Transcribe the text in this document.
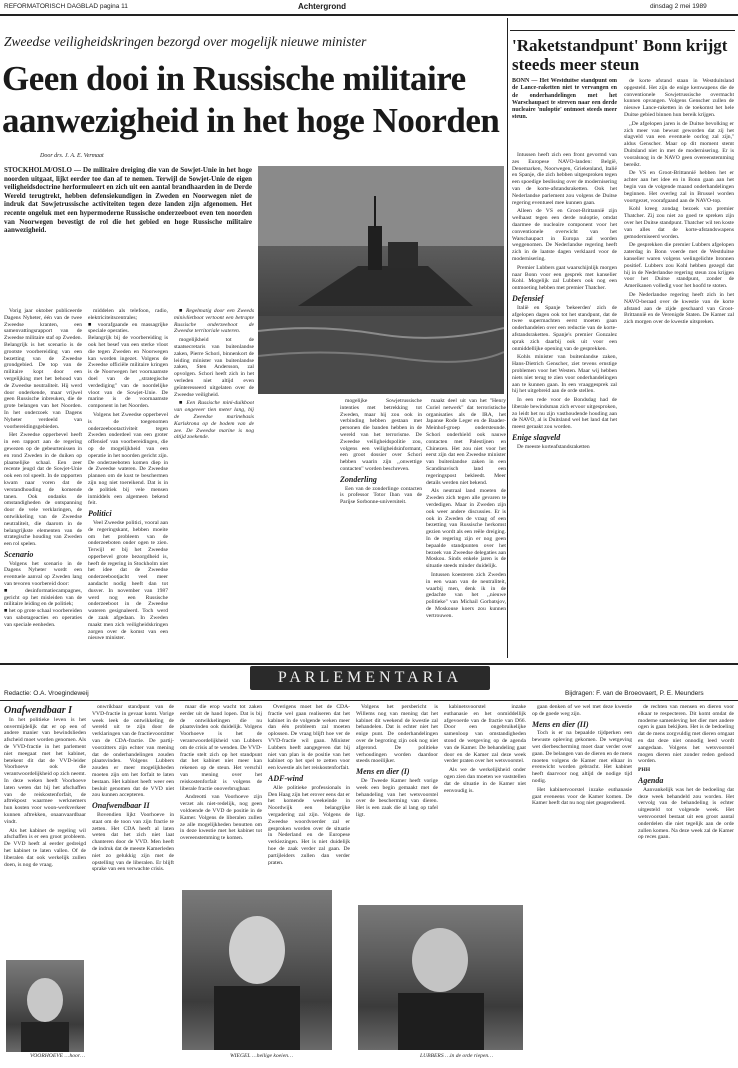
REFORMATORISCH DAGBLAD pagina 11	Achtergrond	dinsdag 2 mei 1989
Zweedse veiligheidskringen bezorgd over mogelijk nieuwe minister
Geen dooi in Russische militaire
aanwezigheid in het hoge Noorden
Door drs. J. A. E. Vermaat
STOCKHOLM/OSLO — De militaire dreiging die van de Sowjet-Unie in het hoge noorden uitgaat, lijkt eerder toe dan af te nemen. Terwijl de Sowjet-Unie de eigen veiligheidsdoctrine herformuleert en zich uit een aantal brandhaarden in de Derde Wereld terugtrekt, hebben defensiekundigen in Zweden en Noorwegen niet de indruk dat Sowjetrussische activiteiten tegen deze landen zijn afgenomen. Het recente ongeluk met een hypermoderne Russische onderzeeboot even ten noorden van Noorwegen bevestigt de rol die het gebied en hoge Russische militaire aanwezigheid.

Vorig jaar oktober publiceerde Dagens Nyheter, één van de twee Zweedse kranten, een samenvattingsrapport van de Zweedse militaire staf op Zweden. Belangrijk is het scenario is de grootste voorbereiding van een bezetting van de Zweedse grondgebied. De top van de militaire kopt door een vergelijking met het behoud van de Zweedse neutraliteit. Hij werd door onderkende, maar vrijwel geen Russische inbreuken, die de grote belangen van het Noorden. In het onderzoek van Dagens Nyheter verdeeld van voorbereidingsgebieden.

Het Zweedse opperbevel heeft in een rapport aan de regering gewezen op de gebeurtenissen in en rond Zweden in de duiken op plaatselijke schaal. Een zeer recente jeugd dat de Sowjet-Unie ook een rol speelt. In de rapporten kwam naar voren dat de verstandhouding de komende tanen. Ook ondanks de omstandigheden de ontspanning door de vele verklaringen, de ontwikkeling van de Zweedse neutraliteit, die daarom in de belangrijkste elementen van de strategische houding van Zweden een rol spelen.

Scenario

Volgens het scenario in de Dagens Nyheter wordt een eventuele aanval op Zweden lang van tevoren voorbereid door:
■ desinformatiecampagnes, gericht op het misleiden van de militaire leiding en de politiek;
■ het op grote schaal voorbereiden van sabotageacties en operaties van speciale eenheden.

middelen als telefoon, radio, elektriciteitscentrales;
■ voorafgaande en massagrijke speciale operaties.
Belangrijk bij de voorbereiding is ook het besef van een sterke vloot die tegen Zweden en Noorwegen kan worden ingezet. Volgens de Zweedse officiële militaire kringen is de Noorwegen het voornaamste doel van de ,,strategische verdediging'' van de noordelijke vloot van de Sowjet-Unie. De marine is de voornaamste component in het Noorden.

Volgens het Zweedse opperbevel is de toegenomen onderzeebootactiviteit tegen Zweden onderdeel van een groter offensief van voorbereidingen, die op de mogelijkheid van een operatie in het noorden gericht zijn. De onderzeeboten komen diep in de Zweedse wateren. De Zweedse plannen om de kust te beschermen zijn nog niet toereikend. Dat is in de politiek bij vele mensen inmiddels een algemeen bekend feit.

Politici

Veel Zweedse politici, vooral aan de regeringskant, hebben moeite om het probleem van de onderzeeboten onder ogen te zien. Terwijl er bij het Zweedse opperbevel grote bezorgdheid is, heeft de regering in Stockholm niet het idee dat de Zweedse onderzeebootjacht veel meer aandacht nodig heeft dan tot dusver. In november van 1987 werd nog een Russische onderzeeboot in de Zweedse wateren gesignaleerd. Toch werd de zaak afgedaan. In Zweden maakt men zich veiligheidskringen zorgen over de komst van een nieuwe minister.

■ Regelmatig door een Zweeds minivlietboot vertoont een betrapte Russische onderzeeboot de Zweedse territoriale wateren.

mogelijkheid tot de staatsecretaris van buitenlandse zaken, Pierre Schori, binnenkort de leiding minister van buitenlandse zaken, Sten Andersson, zal opvolgen. Schori heeft zich in het verleden niet altijd even geïnteresseerd uitgelaten over de Zweedse veiligheid.

■ Een Russische mini-duikboot van ongeveer tien meter lang, bij de Zweedse marinebasis Karlskrona op de bodem van de zee. De Zweedse marine is nog altijd zoekende.

mogelijke Sowjetrussische intenties met betrekking tot Zweden, maar hij zou ook in verbinding hebben gestaan met personen die banden hebben in de wereld van het terrorisme. De Zweedse veiligheidspolitie zou, volgens een veiligheidsinformant, een groot dossier over Schori hebben waarin zijn ,,onwettige contacten'' worden beschreven.

Zonderling

Een van de zonderlinge contacten is professor Totor Iban van de Parijse Sorbonne-universiteit.

maakt deel uit van het "Henry Curiel netwerk" dat terroristische organisaties als de IRA, het Japanse Rode Leger en de Baader-Meinhof-groep ondersteunde. Schori onderhield ook nauwe contacten met Palestijnen en Chinezen. Het zou niet voor het eerst zijn dat een Zweedse minister van buitenlandse zaken in een Scandinavisch land een regeringspost bekleedt. Meer details werden niet bekend.

Als neutraal land moeten de Zweden zich tegen alle gevaren te verdedigen. Maar in Zweden zijn ook weer andere discussies. Er is ook in Zweden de vraag of een bezetting van Russische herkomst gezien wordt als een reële dreiging. In de regering zijn er nog geen bepaalde standpunten over het bezoek van Zweedse delegaties aan Moskou. Sinds enkele jaren is de situatie steeds minder duidelijk.

Intussen koesteren zich Zweden in een waan van de neutraliteit, waarbij men, denk ik in de gedachte van het ,,nieuwe politieke'' van Michail Gorbatsjov, de Moskouse koers zou kunnen vertrouwen.

'Raketstandpunt' Bonn krijgt steeds meer steun
BONN — Het Westduitse standpunt om de Lance-raketten niet te vervangen en de onderhandelingen met het Warschaupact te streven naar een derde nucleaire 'nuloptie' ontmoet steeds meer steun.

Intussen heeft zich een front gevormd van zes Europese NAVO-landen: België, Denemarken, Noorwegen, Griekenland, Italië en Spanje, die zich hebben uitgesproken tegen een spoedige beslissing over de modernisering van de korte-afstandsraketten. Ook het Nederlandse parlement zou volgens de Duitse regering eventueel mee kunnen gaan.

Alleen de VS en Groot-Brittannië zijn welhaast tegen een derde nuloptie, omdat daarmee de nucleaire component voor het conventionele overwicht van het Warschaupact in Europa zal worden weggenomen. De Nederlandse regering heeft zich in de laatste dagen verklaard voor de modernisering.

Premier Lubbers gaat waarschijnlijk morgen naar Bonn voor een gesprek met kanselier Kohl. Mogelijk zal Lubbers ook nog een ontmoeting hebben met premier Thatcher.

Defensief

Italië en Spanje 'bekeerden' zich de afgelopen dagen ook tot het standpunt, dat de twee supermachten eerst moeten gaan onderhandelen over een reductie van de korte-afstandsraketten. Spanje's premier Gonzalez sprak zich daarbij ook uit voor een onmiddellijke opening van de gesprekken.

Kohls minister van buitenlandse zaken, Hans-Dietrich Genscher, ziet tevens ernstige problemen voor het Westen. Maar wij hebben niets niet terug te zien voor onderhandelingen aan te kunnen gaan. In een vraaggesprek zal hij het uitgebreid aan de orde stellen.

In een rede voor de Bondsdag had de liberale bewindsman zich ervoor uitgesproken, zo leidt het nu zijn vasthoudende houding aan de NAVO, al is Duitsland wel het land dat het meest geraakt zou worden.

Enige slagveld

De meeste korteafstandsraketten

de korte afstand staan in Westduitsland opgesteld. Het zijn de enige kernwapens die de conventionele Sowjetrussische overmacht kunnen opvangen. Volgens Genscher zullen de nieuwe Lance-raketten in de toekomst het hele Duitse gebied binnen hun bereik krijgen.

,,De afgelopen jaren is de Duitse bevolking er zich meer van bewust geworden dat zij het slagveld van een eventuele oorlog zal zijn,'' aldus Genscher. Maar op dit moment stemt Duitsland niet in met de modernisering. Er is vooralsnog in de NAVO geen overeenstemming bereikt.

De VS en Groot-Brittannië hebben het er achter aan het idee en in Bonn gaan aan het begin van de volgende maand onderhandelingen beginnen. Het overleg zal in Brussel worden voortgezet, voorafgaand aan de NAVO-top.

Kohl kreeg zondag bezoek van premier Thatcher. Zij zou niet zo goed te spreken zijn over het Duitse standpunt. Thatcher wil ten koste van alles dat de korte-afstandswapens gemoderniseerd worden.

De gesprekken die premier Lubbers afgelopen zaterdag in Bonn voerde met de Westduitse kanselier waren volgens welingelichte bronnen positief. Lubbers zou Kohl hebben gezegd dat hij in de Nederlandse regering steun zou krijgen voor het Duitse standpunt, zonder de Amerikanen volledig voor het hoofd te stoten.

De Nederlandse regering heeft zich in het NAVO-beraad over de kwestie van de korte afstand aan de zijde geschaard van Groot-Brittannië en de Verenigde Staten. De Kamer zal zich morgen over de kwestie uitspreken.

PARLEMENTARIA
Redactie: O.A. Vroegindeweij	Bijdragen: F. van de Broeovaert, P. E. Meunders
Onafwendbaar I

In het politieke leven is het onvermijdelijk dat er op een of andere manier van bewindslieden afscheid moet worden genomen. Als de VVD-fractie in het parlement niet meegaat met het kabinet, betekent dit dat de VVD-leider Voorhoeve ook die verantwoordelijkheid op zich neemt. In deze weken heeft Voorhoeve laten weten dat hij het afschaffen van de reiskostenforfait, de aftrekpost waarmee werknemers hun kosten voor woon-werkverkeer kunnen aftrekken, onaanvaardbaar vindt.

Als het kabinet de regeling wil afschaffen is er een groot probleem. De VVD heeft al eerder gedreigd het kabinet te laten vallen. Of de liberalen dat ook werkelijk zullen doen, is nog de vraag.

VOORHOEVE …hoor…

onwrikbaar standpunt van de VVD-fractie in gevaar komt. Vorige week leek de ontwikkeling de wereld uit te zijn door de verklaringen van de fractievoorzitter van de CDA-fractie. De partij-voorzitters zijn echter van mening dat de onderhandelingen zouden plaatsvinden. Volgens Lubbers zouden er meer mogelijkheden moeten zijn om het forfait te laten bestaan. Het kabinet heeft weer een besluit genomen dat de VVD niet zou kunnen accepteren.

Onafwendbaar II

Bovendien lijkt Voorhoeve in staat om de toon van zijn fractie te zetten. Het CDA heeft al laten weten dat het zich niet laat chanteren door de VVD. Men heeft de indruk dat de meeste Kamerleden niet zo gelukkig zijn met de opstelling van de liberalen. Er blijft sprake van een verwachte crisis.

maar die erop wacht tot zaken eerder uit de hand lopen. Dat is bij de ontwikkelingen die nu plaatsvinden ook duidelijk. Volgens Voorhoeve is het de verantwoordelijkheid van Lubbers om de crisis af te wenden. De VVD-fractie stelt zich op het standpunt dat het kabinet niet meer kan rekenen op de steun. Het verschil van mening over het reiskostenforfait is volgens de liberale fractie onoverbrugbaar.

Andreotti van Voorhoeve zijn verzet als niet-redelijk, nog geen voldoende de VVD de positie in de Kamer. Volgens de liberalen zullen ze alle mogelijkheden benutten om in deze kwestie met het kabinet tot overeenstemming te komen.

WIEGEL …heilige koeien…

Overigens moet het de CDA-fractie wel gaan realiseren dat het kabinet in de volgende weken meer dan één probleem zal moeten oplossen. De vraag blijft hoe ver de VVD-fractie wil gaan. Minister Lubbers heeft aangegeven dat hij niet van plan is de positie van het kabinet op het spel te zetten voor een kwestie als het reiskostenforfait.

ADF-wind

Alle politieke professionals in Den Haag zijn het erover eens dat er het komende weekeinde in Noordwijk een belangrijke vergadering zal zijn. Volgens de Zweedse woordvoerder zal er gesproken worden over de situatie in Nederland en de Europese verkiezingen. Het is niet duidelijk hoe de zaak verder zal gaan. De partijleiders zullen dan verder praten.

Volgens het persbericht is Willems nog van mening dat het kabinet dit weekend de kwestie zal behandelen. Dat is echter niet het enige punt. De onderhandelingen over de begroting zijn ook nog niet afgerond. De politieke verhoudingen worden daardoor steeds moeilijker.

Mens en dier (I)

De Tweede Kamer heeft vorige week een begin gemaakt met de behandeling van het wetsvoorstel over de bescherming van dieren. Het is een zaak die al lang op tafel ligt.

kabinetsvoorstel inzake euthanasie en het onmiddellijk afgevoerde van de fractie van D66. Door een ongebruikelijke samenloop van omstandigheden stond de wetgeving op de agenda van de Kamer. De behandeling gaat door en de Kamer zal deze week verder praten over het wetsvoorstel.

Als we de werkelijkheid onder ogen zien dan moeten we vaststellen dat de situatie in de Kamer niet eenvoudig is.

LUBBERS …in de orde riepen…

gaan denken of we wel met deze kwestie op de goede weg zijn.

Mens en dier (II)

Toch is er na bepaalde tijdperken een bewuste opleving gekomen. De wetgeving wet dierbescherming moet daar verder over gaan. De belangen van de dieren en de mens moeten volgens de Kamer met elkaar in evenwicht worden gebracht. Het kabinet heeft daarvoor nog altijd de nodige tijd nodig.

Het kabinetvoorstel inzake euthanasie gaat eveneens voor de Kamer komen. De Kamer heeft dat nu nog niet geagendeerd.

de rechten van mensen en dieren voor elkaar te respecteren. Dit komt omdat de moderne samenleving het dier met andere ogen is gaan bekijken. Het is de bedoeling dat de mens zorgvuldig met dieren omgaat en dat deze niet onnodig leed wordt aangedaan. Volgens het wetsvoorstel mogen dieren niet zonder reden gedood worden.

PHH
Agenda

Aanvankelijk was het de bedoeling dat deze week behandeld zou worden. Het vervolg van de behandeling is echter uitgesteld tot volgende week. Het wetsvoorstel bestaat uit een groot aantal onderdelen die niet tegelijk aan de orde zullen komen. Na deze week zal de Kamer op reces gaan.
